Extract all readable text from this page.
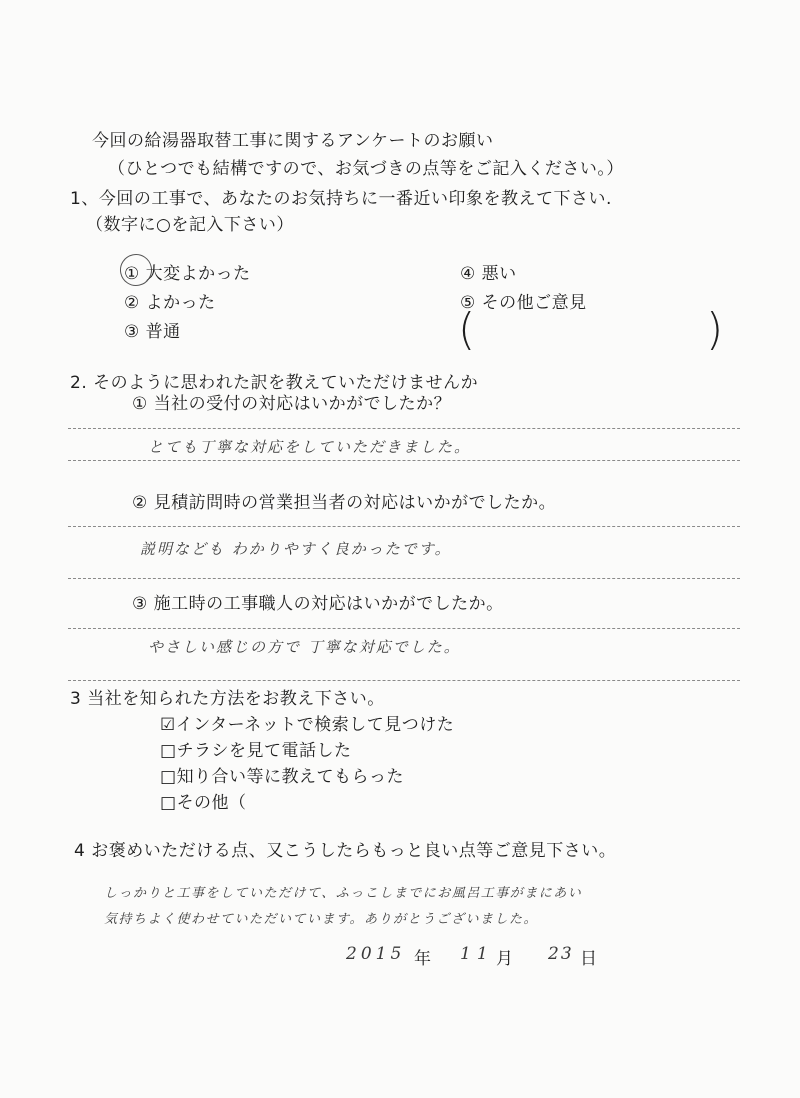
今回の給湯器取替工事に関するアンケートのお願い
（ひとつでも結構ですので、お気づきの点等をご記入ください。）
1、今回の工事で、あなたのお気持ちに一番近い印象を教えて下さい.
（数字に○を記入下さい）
① 大変よかった
② よかった
③ 普通
④ 悪い
⑤ その他ご意見
(	)
2. そのように思われた訳を教えていただけませんか
① 当社の受付の対応はいかがでしたか？
とても丁寧な対応をしていただきました。
② 見積訪問時の営業担当者の対応はいかがでしたか。
説明なども わかりやすく良かったです。
③ 施工時の工事職人の対応はいかがでしたか。
やさしい感じの方で 丁寧な対応でした。
3 当社を知られた方法をお教え下さい。
☑インターネットで検索して見つけた
□チラシを見て電話した
□知り合い等に教えてもらった
□その他（
4 お褒めいただける点、又こうしたらもっと良い点等ご意見下さい。
しっかりと工事をしていただけて、ふっこしまでにお風呂工事がまにあい
気持ちよく使わせていただいています。ありがとうございました。
2015 年 11 月 23 日
